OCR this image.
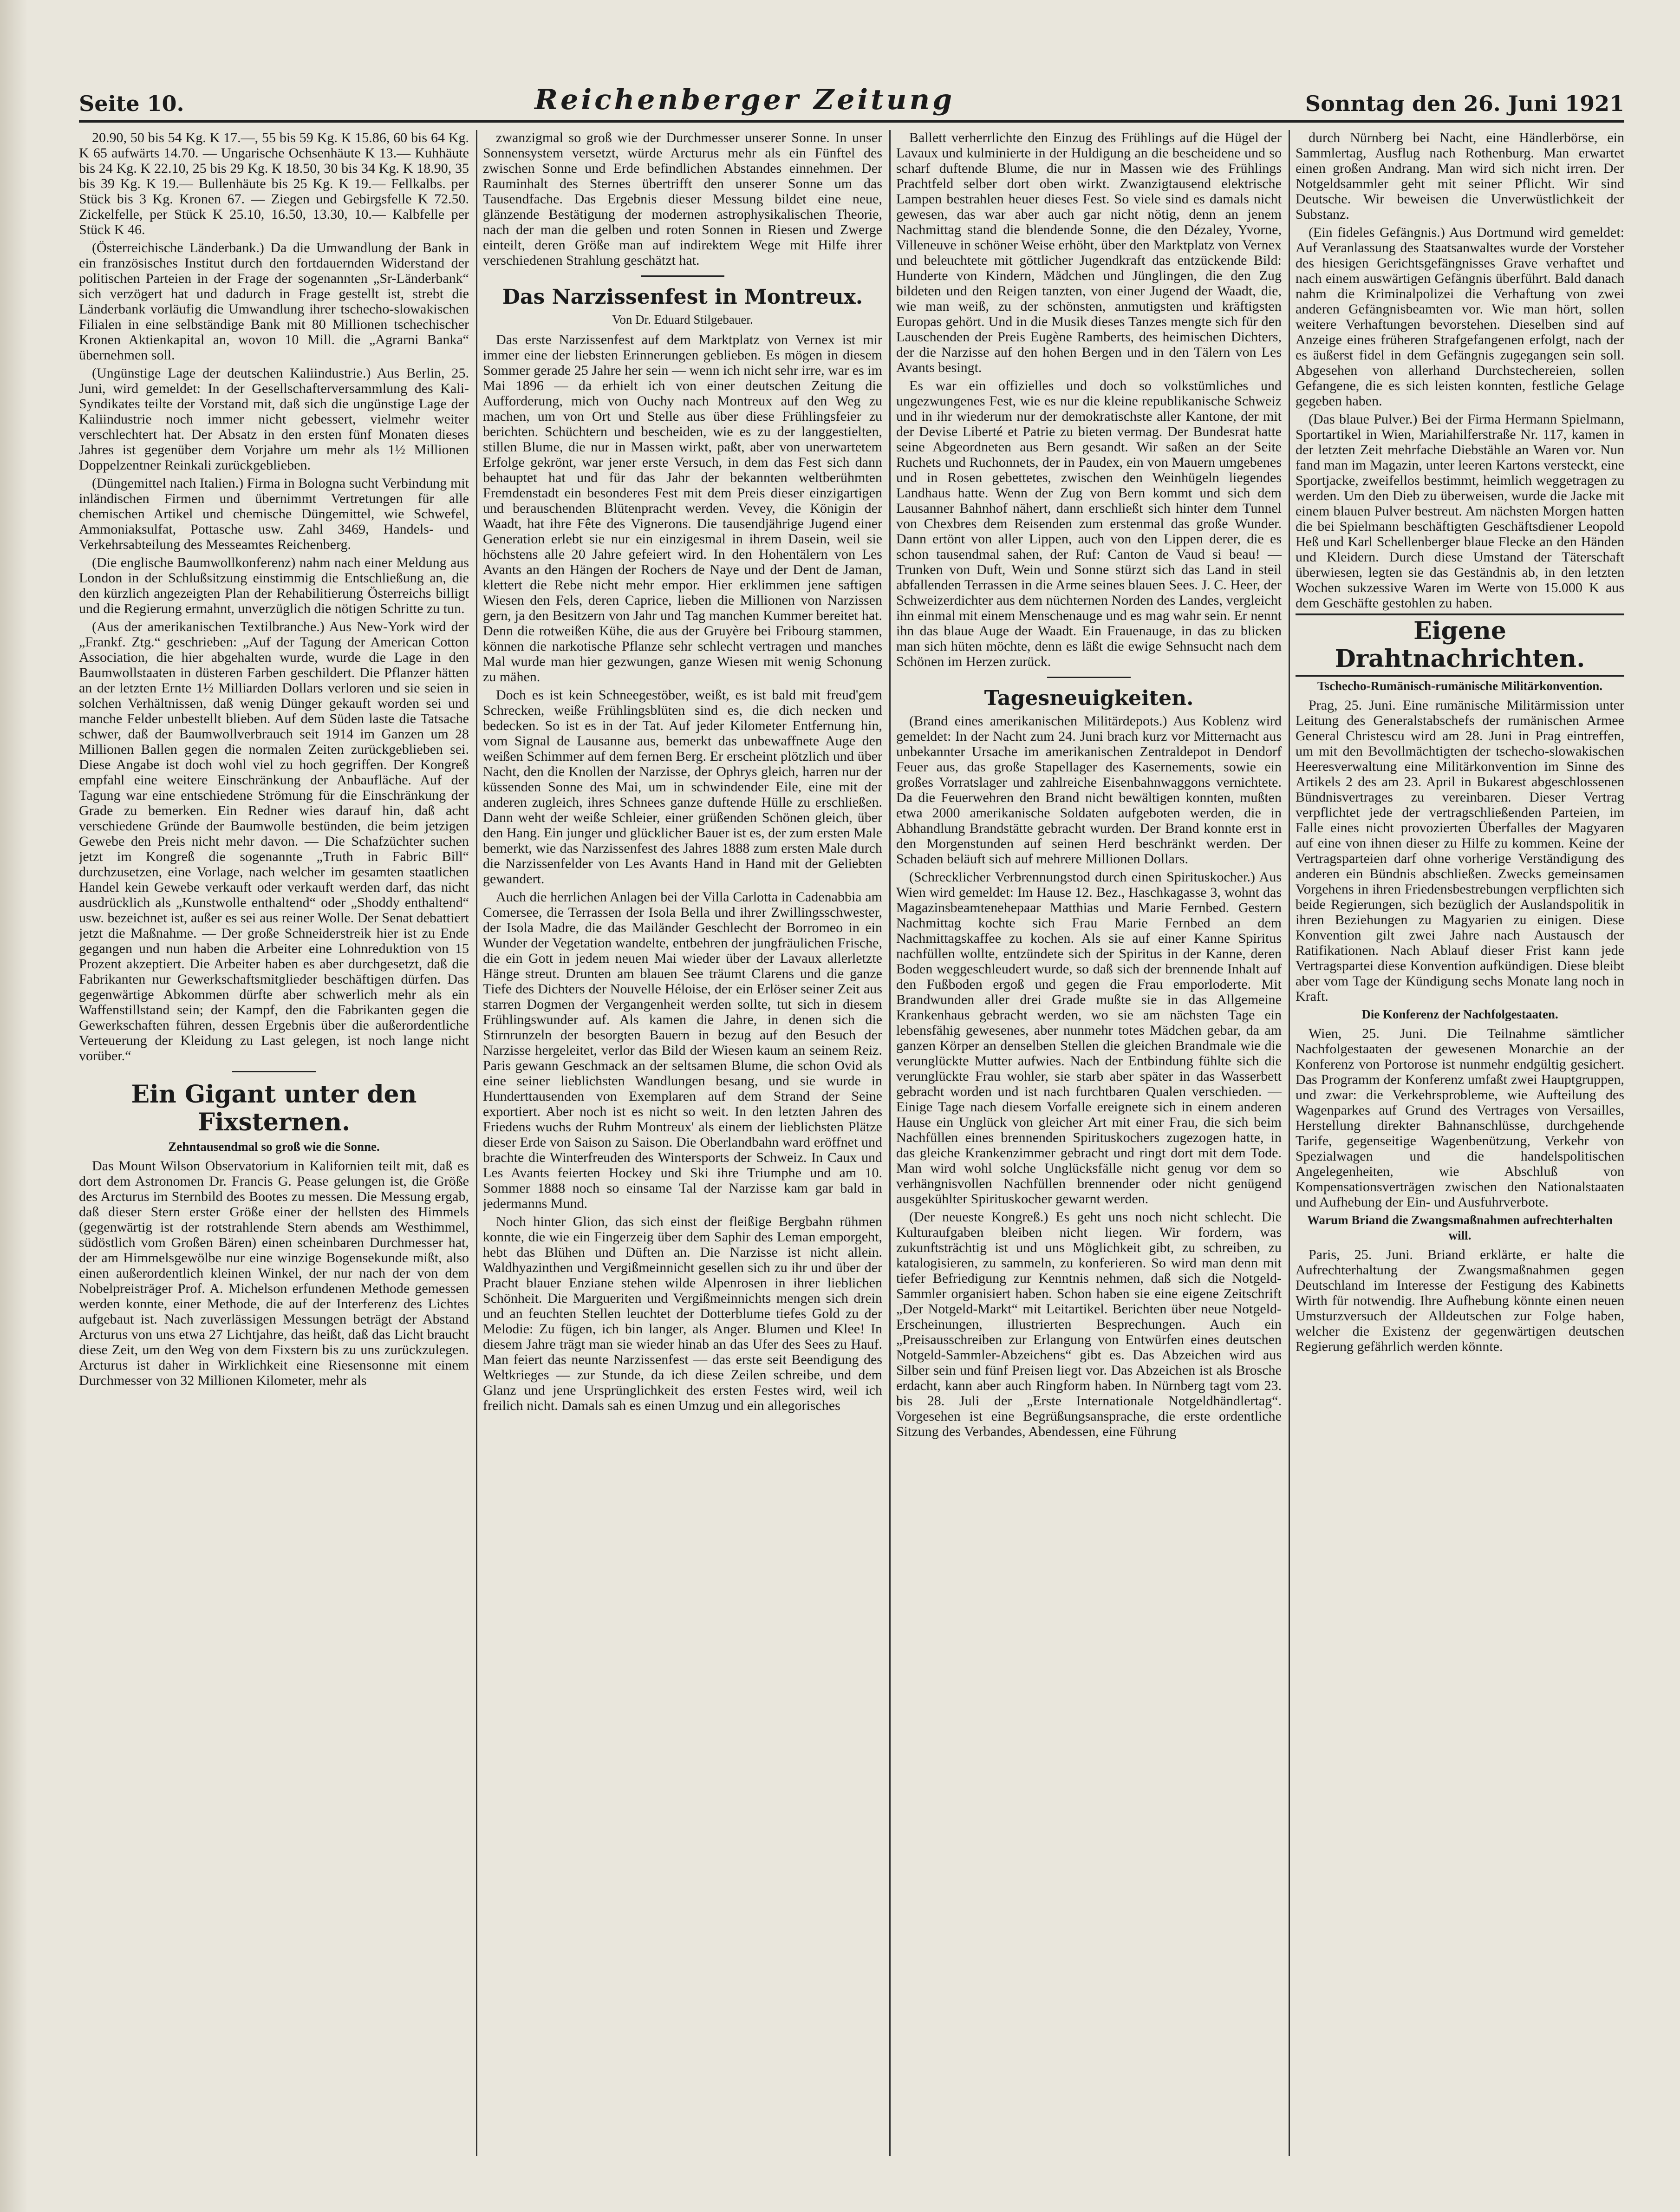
Seite 10.	Reichenberger Zeitung	Sonntag den 26. Juni 1921

20.90, 50 bis 54 Kg. K 17.—, 55 bis 59 Kg. K 15.86, 60 bis 64 Kg. K 65 aufwärts 14.70. — Ungarische Ochsenhäute K 13.— Kuhhäute bis 24 Kg. K 22.10, 25 bis 29 Kg. K 18.50, 30 bis 34 Kg. K 18.90, 35 bis 39 Kg. K 19.— Bullenhäute bis 25 Kg. K 19.— Fellkalbs. per Stück bis 3 Kg. Kronen 67. — Ziegen und Gebirgsfelle K 72.50. Zickelfelle, per Stück K 25.10, 16.50, 13.30, 10.— Kalbfelle per Stück K 46.

(Österreichische Länderbank.) Da die Umwandlung der Bank in ein französisches Institut durch den fortdauernden Widerstand der politischen Parteien in der Frage der sogenannten „Sr-Länderbank“ sich verzögert hat und dadurch in Frage gestellt ist, strebt die Länderbank vorläufig die Umwandlung ihrer tschecho-slowakischen Filialen in eine selbständige Bank mit 80 Millionen tschechischer Kronen Aktienkapital an, wovon 10 Mill. die „Agrarni Banka“ übernehmen soll.

(Ungünstige Lage der deutschen Kaliindustrie.) Aus Berlin, 25. Juni, wird gemeldet: In der Gesellschafterversammlung des Kali-Syndikates teilte der Vorstand mit, daß sich die ungünstige Lage der Kaliindustrie noch immer nicht gebessert, vielmehr weiter verschlechtert hat. Der Absatz in den ersten fünf Monaten dieses Jahres ist gegenüber dem Vorjahre um mehr als 1½ Millionen Doppelzentner Reinkali zurückgeblieben.

(Düngemittel nach Italien.) Firma in Bologna sucht Verbindung mit inländischen Firmen und übernimmt Vertretungen für alle chemischen Artikel und chemische Düngemittel, wie Schwefel, Ammoniaksulfat, Pottasche usw. Zahl 3469, Handels- und Verkehrsabteilung des Messeamtes Reichenberg.

(Die englische Baumwollkonferenz) nahm nach einer Meldung aus London in der Schlußsitzung einstimmig die Entschließung an, die den kürzlich angezeigten Plan der Rehabilitierung Österreichs billigt und die Regierung ermahnt, unverzüglich die nötigen Schritte zu tun.

(Aus der amerikanischen Textilbranche.) Aus New-York wird der „Frankf. Ztg.“ geschrieben: „Auf der Tagung der American Cotton Association, die hier abgehalten wurde, wurde die Lage in den Baumwollstaaten in düsteren Farben geschildert. Die Pflanzer hätten an der letzten Ernte 1½ Milliarden Dollars verloren und sie seien in solchen Verhältnissen, daß wenig Dünger gekauft worden sei und manche Felder unbestellt blieben. Auf dem Süden laste die Tatsache schwer, daß der Baumwollverbrauch seit 1914 im Ganzen um 28 Millionen Ballen gegen die normalen Zeiten zurückgeblieben sei. Diese Angabe ist doch wohl viel zu hoch gegriffen. Der Kongreß empfahl eine weitere Einschränkung der Anbaufläche. Auf der Tagung war eine entschiedene Strömung für die Einschränkung der Grade zu bemerken. Ein Redner wies darauf hin, daß acht verschiedene Gründe der Baumwolle bestünden, die beim jetzigen Gewebe den Preis nicht mehr davon. — Die Schafzüchter suchen jetzt im Kongreß die sogenannte „Truth in Fabric Bill“ durchzusetzen, eine Vorlage, nach welcher im gesamten staatlichen Handel kein Gewebe verkauft oder verkauft werden darf, das nicht ausdrücklich als „Kunstwolle enthaltend“ oder „Shoddy enthaltend“ usw. bezeichnet ist, außer es sei aus reiner Wolle. Der Senat debattiert jetzt die Maßnahme. — Der große Schneiderstreik hier ist zu Ende gegangen und nun haben die Arbeiter eine Lohnreduktion von 15 Prozent akzeptiert. Die Arbeiter haben es aber durchgesetzt, daß die Fabrikanten nur Gewerkschaftsmitglieder beschäftigen dürfen. Das gegenwärtige Abkommen dürfte aber schwerlich mehr als ein Waffenstillstand sein; der Kampf, den die Fabrikanten gegen die Gewerkschaften führen, dessen Ergebnis über die außerordentliche Verteuerung der Kleidung zu Last gelegen, ist noch lange nicht vorüber.“

Ein Gigant unter den Fixsternen.
Zehntausendmal so groß wie die Sonne.

Das Mount Wilson Observatorium in Kalifornien teilt mit, daß es dort dem Astronomen Dr. Francis G. Pease gelungen ist, die Größe des Arcturus im Sternbild des Bootes zu messen. Die Messung ergab, daß dieser Stern erster Größe einer der hellsten des Himmels (gegenwärtig ist der rotstrahlende Stern abends am Westhimmel, südöstlich vom Großen Bären) einen scheinbaren Durchmesser hat, der am Himmelsgewölbe nur eine winzige Bogensekunde mißt, also einen außerordentlich kleinen Winkel, der nur nach der von dem Nobelpreisträger Prof. A. Michelson erfundenen Methode gemessen werden konnte, einer Methode, die auf der Interferenz des Lichtes aufgebaut ist. Nach zuverlässigen Messungen beträgt der Abstand Arcturus von uns etwa 27 Lichtjahre, das heißt, daß das Licht braucht diese Zeit, um den Weg von dem Fixstern bis zu uns zurückzulegen. Arcturus ist daher in Wirklichkeit eine Riesensonne mit einem Durchmesser von 32 Millionen Kilometer, mehr als

zwanzigmal so groß wie der Durchmesser unserer Sonne. In unser Sonnensystem versetzt, würde Arcturus mehr als ein Fünftel des zwischen Sonne und Erde befindlichen Abstandes einnehmen. Der Rauminhalt des Sternes übertrifft den unserer Sonne um das Tausendfache. Das Ergebnis dieser Messung bildet eine neue, glänzende Bestätigung der modernen astrophysikalischen Theorie, nach der man die gelben und roten Sonnen in Riesen und Zwerge einteilt, deren Größe man auf indirektem Wege mit Hilfe ihrer verschiedenen Strahlung geschätzt hat.

Das Narzissenfest in Montreux.
Von Dr. Eduard Stilgebauer.

Das erste Narzissenfest auf dem Marktplatz von Vernex ist mir immer eine der liebsten Erinnerungen geblieben. Es mögen in diesem Sommer gerade 25 Jahre her sein — wenn ich nicht sehr irre, war es im Mai 1896 — da erhielt ich von einer deutschen Zeitung die Aufforderung, mich von Ouchy nach Montreux auf den Weg zu machen, um von Ort und Stelle aus über diese Frühlingsfeier zu berichten. Schüchtern und bescheiden, wie es zu der langgestielten, stillen Blume, die nur in Massen wirkt, paßt, aber von unerwartetem Erfolge gekrönt, war jener erste Versuch, in dem das Fest sich dann behauptet hat und für das Jahr der bekannten weltberühmten Fremdenstadt ein besonderes Fest mit dem Preis dieser einzigartigen und berauschenden Blütenpracht werden. Vevey, die Königin der Waadt, hat ihre Fête des Vignerons. Die tausendjährige Jugend einer Generation erlebt sie nur ein einzigesmal in ihrem Dasein, weil sie höchstens alle 20 Jahre gefeiert wird. In den Hohentälern von Les Avants an den Hängen der Rochers de Naye und der Dent de Jaman, klettert die Rebe nicht mehr empor. Hier erklimmen jene saftigen Wiesen den Fels, deren Caprice, lieben die Millionen von Narzissen gern, ja den Besitzern von Jahr und Tag manchen Kummer bereitet hat. Denn die rotweißen Kühe, die aus der Gruyère bei Fribourg stammen, können die narkotische Pflanze sehr schlecht vertragen und manches Mal wurde man hier gezwungen, ganze Wiesen mit wenig Schonung zu mähen.

Doch es ist kein Schneegestöber, weißt, es ist bald mit freud'gem Schrecken, weiße Frühlingsblüten sind es, die dich necken und bedecken. So ist es in der Tat. Auf jeder Kilometer Entfernung hin, vom Signal de Lausanne aus, bemerkt das unbewaffnete Auge den weißen Schimmer auf dem fernen Berg. Er erscheint plötzlich und über Nacht, den die Knollen der Narzisse, der Ophrys gleich, harren nur der küssenden Sonne des Mai, um in schwindender Eile, eine mit der anderen zugleich, ihres Schnees ganze duftende Hülle zu erschließen. Dann weht der weiße Schleier, einer grüßenden Schönen gleich, über den Hang. Ein junger und glücklicher Bauer ist es, der zum ersten Male bemerkt, wie das Narzissenfest des Jahres 1888 zum ersten Male durch die Narzissenfelder von Les Avants Hand in Hand mit der Geliebten gewandert.

Auch die herrlichen Anlagen bei der Villa Carlotta in Cadenabbia am Comersee, die Terrassen der Isola Bella und ihrer Zwillingsschwester, der Isola Madre, die das Mailänder Geschlecht der Borromeo in ein Wunder der Vegetation wandelte, entbehren der jungfräulichen Frische, die ein Gott in jedem neuen Mai wieder über der Lavaux allerletzte Hänge streut. Drunten am blauen See träumt Clarens und die ganze Tiefe des Dichters der Nouvelle Héloise, der ein Erlöser seiner Zeit aus starren Dogmen der Vergangenheit werden sollte, tut sich in diesem Frühlingswunder auf. Als kamen die Jahre, in denen sich die Stirnrunzeln der besorgten Bauern in bezug auf den Besuch der Narzisse hergeleitet, verlor das Bild der Wiesen kaum an seinem Reiz. Paris gewann Geschmack an der seltsamen Blume, die schon Ovid als eine seiner lieblichsten Wandlungen besang, und sie wurde in Hunderttausenden von Exemplaren auf dem Strand der Seine exportiert. Aber noch ist es nicht so weit. In den letzten Jahren des Friedens wuchs der Ruhm Montreux' als einem der lieblichsten Plätze dieser Erde von Saison zu Saison. Die Oberlandbahn ward eröffnet und brachte die Winterfreuden des Wintersports der Schweiz. In Caux und Les Avants feierten Hockey und Ski ihre Triumphe und am 10. Sommer 1888 noch so einsame Tal der Narzisse kam gar bald in jedermanns Mund.

Noch hinter Glion, das sich einst der fleißige Bergbahn rühmen konnte, die wie ein Fingerzeig über dem Saphir des Leman emporgeht, hebt das Blühen und Düften an. Die Narzisse ist nicht allein. Waldhyazinthen und Vergißmeinnicht gesellen sich zu ihr und über der Pracht blauer Enziane stehen wilde Alpenrosen in ihrer lieblichen Schönheit. Die Margueriten und Vergißmeinnichts mengen sich drein und an feuchten Stellen leuchtet der Dotterblume tiefes Gold zu der Melodie: Zu fügen, ich bin langer, als Anger. Blumen und Klee! In diesem Jahre trägt man sie wieder hinab an das Ufer des Sees zu Hauf. Man feiert das neunte Narzissenfest — das erste seit Beendigung des Weltkrieges — zur Stunde, da ich diese Zeilen schreibe, und dem Glanz und jene Ursprünglichkeit des ersten Festes wird, weil ich freilich nicht. Damals sah es einen Umzug und ein allegorisches

Ballett verherrlichte den Einzug des Frühlings auf die Hügel der Lavaux und kulminierte in der Huldigung an die bescheidene und so scharf duftende Blume, die nur in Massen wie des Frühlings Prachtfeld selber dort oben wirkt. Zwanzigtausend elektrische Lampen bestrahlen heuer dieses Fest. So viele sind es damals nicht gewesen, das war aber auch gar nicht nötig, denn an jenem Nachmittag stand die blendende Sonne, die den Dézaley, Yvorne, Villeneuve in schöner Weise erhöht, über den Marktplatz von Vernex und beleuchtete mit göttlicher Jugendkraft das entzückende Bild: Hunderte von Kindern, Mädchen und Jünglingen, die den Zug bildeten und den Reigen tanzten, von einer Jugend der Waadt, die, wie man weiß, zu der schönsten, anmutigsten und kräftigsten Europas gehört. Und in die Musik dieses Tanzes mengte sich für den Lauschenden der Preis Eugène Ramberts, des heimischen Dichters, der die Narzisse auf den hohen Bergen und in den Tälern von Les Avants besingt.

Es war ein offizielles und doch so volkstümliches und ungezwungenes Fest, wie es nur die kleine republikanische Schweiz und in ihr wiederum nur der demokratischste aller Kantone, der mit der Devise Liberté et Patrie zu bieten vermag. Der Bundesrat hatte seine Abgeordneten aus Bern gesandt. Wir saßen an der Seite Ruchets und Ruchonnets, der in Paudex, ein von Mauern umgebenes und in Rosen gebettetes, zwischen den Weinhügeln liegendes Landhaus hatte. Wenn der Zug von Bern kommt und sich dem Lausanner Bahnhof nähert, dann erschließt sich hinter dem Tunnel von Chexbres dem Reisenden zum erstenmal das große Wunder. Dann ertönt von aller Lippen, auch von den Lippen derer, die es schon tausendmal sahen, der Ruf: Canton de Vaud si beau! — Trunken von Duft, Wein und Sonne stürzt sich das Land in steil abfallenden Terrassen in die Arme seines blauen Sees. J. C. Heer, der Schweizerdichter aus dem nüchternen Norden des Landes, vergleicht ihn einmal mit einem Menschenauge und es mag wahr sein. Er nennt ihn das blaue Auge der Waadt. Ein Frauenauge, in das zu blicken man sich hüten möchte, denn es läßt die ewige Sehnsucht nach dem Schönen im Herzen zurück.

Tagesneuigkeiten.

(Brand eines amerikanischen Militärdepots.) Aus Koblenz wird gemeldet: In der Nacht zum 24. Juni brach kurz vor Mitternacht aus unbekannter Ursache im amerikanischen Zentraldepot in Dendorf Feuer aus, das große Stapellager des Kasernements, sowie ein großes Vorratslager und zahlreiche Eisenbahnwaggons vernichtete. Da die Feuerwehren den Brand nicht bewältigen konnten, mußten etwa 2000 amerikanische Soldaten aufgeboten werden, die in Abhandlung Brandstätte gebracht wurden. Der Brand konnte erst in den Morgenstunden auf seinen Herd beschränkt werden. Der Schaden beläuft sich auf mehrere Millionen Dollars.

(Schrecklicher Verbrennungstod durch einen Spirituskocher.) Aus Wien wird gemeldet: Im Hause 12. Bez., Haschkagasse 3, wohnt das Magazinsbeamtenehepaar Matthias und Marie Fernbed. Gestern Nachmittag kochte sich Frau Marie Fernbed an dem Nachmittagskaffee zu kochen. Als sie auf einer Kanne Spiritus nachfüllen wollte, entzündete sich der Spiritus in der Kanne, deren Boden weggeschleudert wurde, so daß sich der brennende Inhalt auf den Fußboden ergoß und gegen die Frau emporloderte. Mit Brandwunden aller drei Grade mußte sie in das Allgemeine Krankenhaus gebracht werden, wo sie am nächsten Tage ein lebensfähig gewesenes, aber nunmehr totes Mädchen gebar, da am ganzen Körper an denselben Stellen die gleichen Brandmale wie die verunglückte Mutter aufwies. Nach der Entbindung fühlte sich die verunglückte Frau wohler, sie starb aber später in das Wasserbett gebracht worden und ist nach furchtbaren Qualen verschieden. — Einige Tage nach diesem Vorfalle ereignete sich in einem anderen Hause ein Unglück von gleicher Art mit einer Frau, die sich beim Nachfüllen eines brennenden Spirituskochers zugezogen hatte, in das gleiche Krankenzimmer gebracht und ringt dort mit dem Tode. Man wird wohl solche Unglücksfälle nicht genug vor dem so verhängnisvollen Nachfüllen brennender oder nicht genügend ausgekühlter Spirituskocher gewarnt werden.

(Der neueste Kongreß.) Es geht uns noch nicht schlecht. Die Kulturaufgaben bleiben nicht liegen. Wir fordern, was zukunftsträchtig ist und uns Möglichkeit gibt, zu schreiben, zu katalogisieren, zu sammeln, zu konferieren. So wird man denn mit tiefer Befriedigung zur Kenntnis nehmen, daß sich die Notgeld-Sammler organisiert haben. Schon haben sie eine eigene Zeitschrift „Der Notgeld-Markt“ mit Leitartikel. Berichten über neue Notgeld-Erscheinungen, illustrierten Besprechungen. Auch ein „Preisausschreiben zur Erlangung von Entwürfen eines deutschen Notgeld-Sammler-Abzeichens“ gibt es. Das Abzeichen wird aus Silber sein und fünf Preisen liegt vor. Das Abzeichen ist als Brosche erdacht, kann aber auch Ringform haben. In Nürnberg tagt vom 23. bis 28. Juli der „Erste Internationale Notgeldhändlertag“. Vorgesehen ist eine Begrüßungsansprache, die erste ordentliche Sitzung des Verbandes, Abendessen, eine Führung

durch Nürnberg bei Nacht, eine Händlerbörse, ein Sammlertag, Ausflug nach Rothenburg. Man erwartet einen großen Andrang. Man wird sich nicht irren. Der Notgeldsammler geht mit seiner Pflicht. Wir sind Deutsche. Wir beweisen die Unverwüstlichkeit der Substanz.

(Ein fideles Gefängnis.) Aus Dortmund wird gemeldet: Auf Veranlassung des Staatsanwaltes wurde der Vorsteher des hiesigen Gerichtsgefängnisses Grave verhaftet und nach einem auswärtigen Gefängnis überführt. Bald danach nahm die Kriminalpolizei die Verhaftung von zwei anderen Gefängnisbeamten vor. Wie man hört, sollen weitere Verhaftungen bevorstehen. Dieselben sind auf Anzeige eines früheren Strafgefangenen erfolgt, nach der es äußerst fidel in dem Gefängnis zugegangen sein soll. Abgesehen von allerhand Durchstechereien, sollen Gefangene, die es sich leisten konnten, festliche Gelage gegeben haben.

(Das blaue Pulver.) Bei der Firma Hermann Spielmann, Sportartikel in Wien, Mariahilferstraße Nr. 117, kamen in der letzten Zeit mehrfache Diebstähle an Waren vor. Nun fand man im Magazin, unter leeren Kartons versteckt, eine Sportjacke, zweifellos bestimmt, heimlich weggetragen zu werden. Um den Dieb zu überweisen, wurde die Jacke mit einem blauen Pulver bestreut. Am nächsten Morgen hatten die bei Spielmann beschäftigten Geschäftsdiener Leopold Heß und Karl Schellenberger blaue Flecke an den Händen und Kleidern. Durch diese Umstand der Täterschaft überwiesen, legten sie das Geständnis ab, in den letzten Wochen sukzessive Waren im Werte von 15.000 K aus dem Geschäfte gestohlen zu haben.

Eigene Drahtnachrichten.
Tschecho-Rumänisch-rumänische Militärkonvention.

Prag, 25. Juni. Eine rumänische Militärmission unter Leitung des Generalstabschefs der rumänischen Armee General Christescu wird am 28. Juni in Prag eintreffen, um mit den Bevollmächtigten der tschecho-slowakischen Heeresverwaltung eine Militärkonvention im Sinne des Artikels 2 des am 23. April in Bukarest abgeschlossenen Bündnisvertrages zu vereinbaren. Dieser Vertrag verpflichtet jede der vertragschließenden Parteien, im Falle eines nicht provozierten Überfalles der Magyaren auf eine von ihnen dieser zu Hilfe zu kommen. Keine der Vertragsparteien darf ohne vorherige Verständigung des anderen ein Bündnis abschließen. Zwecks gemeinsamen Vorgehens in ihren Friedensbestrebungen verpflichten sich beide Regierungen, sich bezüglich der Auslandspolitik in ihren Beziehungen zu Magyarien zu einigen. Diese Konvention gilt zwei Jahre nach Austausch der Ratifikationen. Nach Ablauf dieser Frist kann jede Vertragspartei diese Konvention aufkündigen. Diese bleibt aber vom Tage der Kündigung sechs Monate lang noch in Kraft.

Die Konferenz der Nachfolgestaaten.

Wien, 25. Juni. Die Teilnahme sämtlicher Nachfolgestaaten der gewesenen Monarchie an der Konferenz von Portorose ist nunmehr endgültig gesichert. Das Programm der Konferenz umfaßt zwei Hauptgruppen, und zwar: die Verkehrsprobleme, wie Aufteilung des Wagenparkes auf Grund des Vertrages von Versailles, Herstellung direkter Bahnanschlüsse, durchgehende Tarife, gegenseitige Wagenbenützung, Verkehr von Spezialwagen und die handelspolitischen Angelegenheiten, wie Abschluß von Kompensationsverträgen zwischen den Nationalstaaten und Aufhebung der Ein- und Ausfuhrverbote.

Warum Briand die Zwangsmaßnahmen aufrechterhalten will.

Paris, 25. Juni. Briand erklärte, er halte die Aufrechterhaltung der Zwangsmaßnahmen gegen Deutschland im Interesse der Festigung des Kabinetts Wirth für notwendig. Ihre Aufhebung könnte einen neuen Umsturzversuch der Alldeutschen zur Folge haben, welcher die Existenz der gegenwärtigen deutschen Regierung gefährlich werden könnte.
